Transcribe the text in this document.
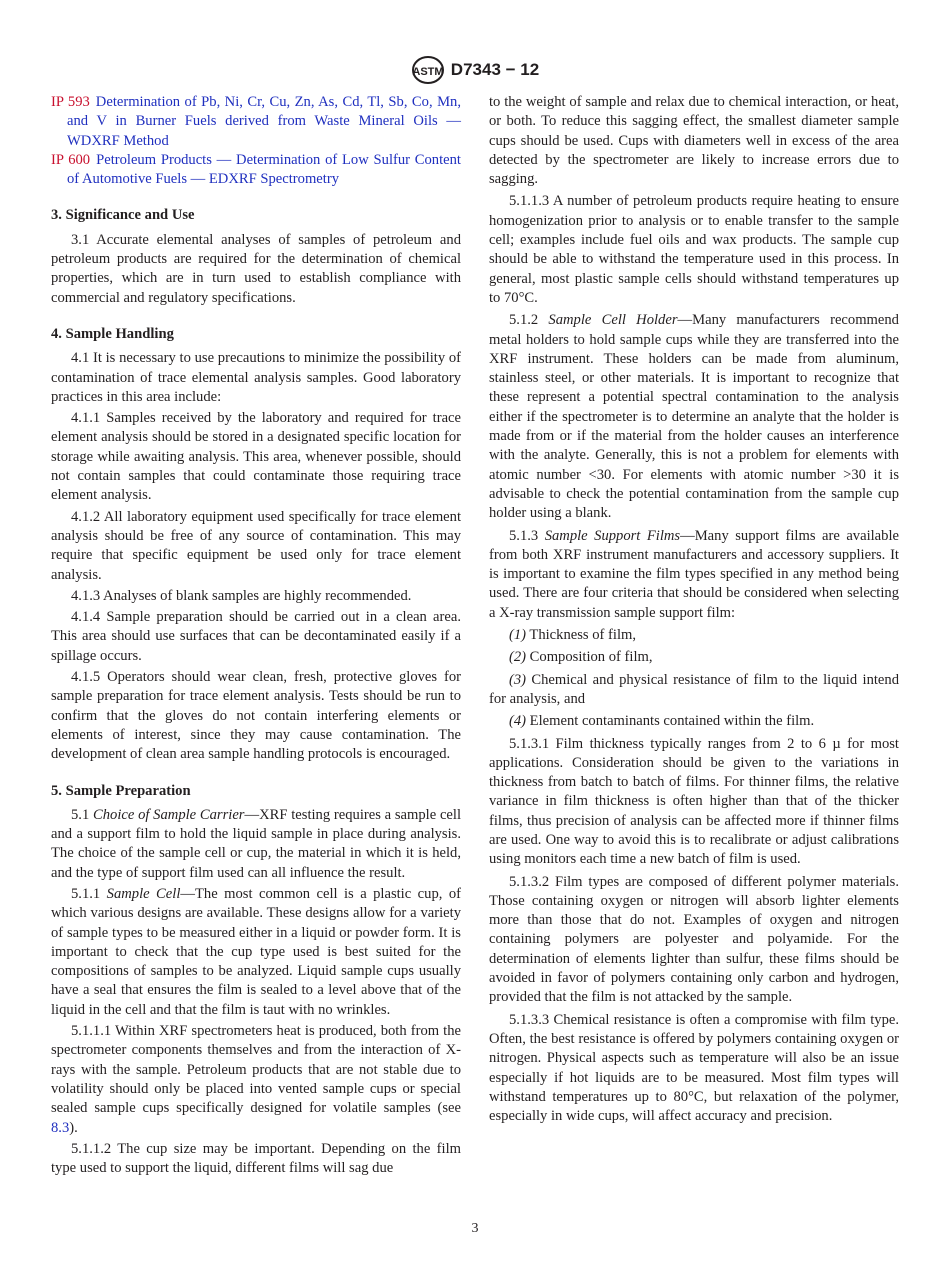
ASTM D7343 − 12

IP 593 Determination of Pb, Ni, Cr, Cu, Zn, As, Cd, Tl, Sb, Co, Mn, and V in Burner Fuels derived from Waste Mineral Oils — WDXRF Method

IP 600 Petroleum Products — Determination of Low Sulfur Content of Automotive Fuels — EDXRF Spectrometry

3. Significance and Use

3.1 Accurate elemental analyses of samples of petroleum and petroleum products are required for the determination of chemical properties, which are in turn used to establish compliance with commercial and regulatory specifications.

4. Sample Handling

4.1 It is necessary to use precautions to minimize the possibility of contamination of trace elemental analysis samples. Good laboratory practices in this area include:

4.1.1 Samples received by the laboratory and required for trace element analysis should be stored in a designated specific location for storage while awaiting analysis. This area, whenever possible, should not contain samples that could contaminate those requiring trace element analysis.

4.1.2 All laboratory equipment used specifically for trace element analysis should be free of any source of contamination. This may require that specific equipment be used only for trace element analysis.

4.1.3 Analyses of blank samples are highly recommended.

4.1.4 Sample preparation should be carried out in a clean area. This area should use surfaces that can be decontaminated easily if a spillage occurs.

4.1.5 Operators should wear clean, fresh, protective gloves for sample preparation for trace element analysis. Tests should be run to confirm that the gloves do not contain interfering elements or elements of interest, since they may cause contamination. The development of clean area sample handling protocols is encouraged.

5. Sample Preparation

5.1 Choice of Sample Carrier—XRF testing requires a sample cell and a support film to hold the liquid sample in place during analysis. The choice of the sample cell or cup, the material in which it is held, and the type of support film used can all influence the result.

5.1.1 Sample Cell—The most common cell is a plastic cup, of which various designs are available. These designs allow for a variety of sample types to be measured either in a liquid or powder form. It is important to check that the cup type used is best suited for the compositions of samples to be analyzed. Liquid sample cups usually have a seal that ensures the film is sealed to a level above that of the liquid in the cell and that the film is taut with no wrinkles.

5.1.1.1 Within XRF spectrometers heat is produced, both from the spectrometer components themselves and from the interaction of X-rays with the sample. Petroleum products that are not stable due to volatility should only be placed into vented sample cups or special sealed sample cups specifically designed for volatile samples (see 8.3).

5.1.1.2 The cup size may be important. Depending on the film type used to support the liquid, different films will sag due

to the weight of sample and relax due to chemical interaction, or heat, or both. To reduce this sagging effect, the smallest diameter sample cups should be used. Cups with diameters well in excess of the area detected by the spectrometer are likely to increase errors due to sagging.

5.1.1.3 A number of petroleum products require heating to ensure homogenization prior to analysis or to enable transfer to the sample cell; examples include fuel oils and wax products. The sample cup should be able to withstand the temperature used in this process. In general, most plastic sample cells should withstand temperatures up to 70°C.

5.1.2 Sample Cell Holder—Many manufacturers recommend metal holders to hold sample cups while they are transferred into the XRF instrument. These holders can be made from aluminum, stainless steel, or other materials. It is important to recognize that these represent a potential spectral contamination to the analysis either if the spectrometer is to determine an analyte that the holder is made from or if the material from the holder causes an interference with the analyte. Generally, this is not a problem for elements with atomic number <30. For elements with atomic number >30 it is advisable to check the potential contamination from the sample cup holder using a blank.

5.1.3 Sample Support Films—Many support films are available from both XRF instrument manufacturers and accessory suppliers. It is important to examine the film types specified in any method being used. There are four criteria that should be considered when selecting a X-ray transmission sample support film:

(1) Thickness of film,

(2) Composition of film,

(3) Chemical and physical resistance of film to the liquid intend for analysis, and

(4) Element contaminants contained within the film.

5.1.3.1 Film thickness typically ranges from 2 to 6 µ for most applications. Consideration should be given to the variations in thickness from batch to batch of films. For thinner films, the relative variance in film thickness is often higher than that of the thicker films, thus precision of analysis can be affected more if thinner films are used. One way to avoid this is to recalibrate or adjust calibrations using monitors each time a new batch of film is used.

5.1.3.2 Film types are composed of different polymer materials. Those containing oxygen or nitrogen will absorb lighter elements more than those that do not. Examples of oxygen and nitrogen containing polymers are polyester and polyamide. For the determination of elements lighter than sulfur, these films should be avoided in favor of polymers containing only carbon and hydrogen, provided that the film is not attacked by the sample.

5.1.3.3 Chemical resistance is often a compromise with film type. Often, the best resistance is offered by polymers containing oxygen or nitrogen. Physical aspects such as temperature will also be an issue especially if hot liquids are to be measured. Most film types will withstand temperatures up to 80°C, but relaxation of the polymer, especially in wide cups, will affect accuracy and precision.

3
